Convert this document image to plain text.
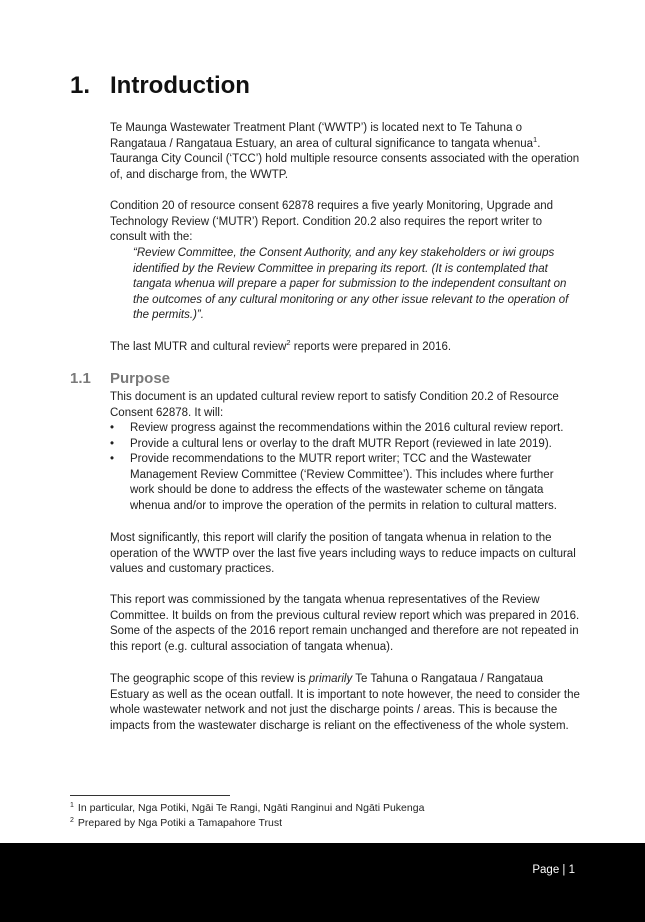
1. Introduction
Te Maunga Wastewater Treatment Plant (‘WWTP’) is located next to Te Tahuna o Rangataua / Rangataua Estuary, an area of cultural significance to tangata whenua$^1$. Tauranga City Council (‘TCC’) hold multiple resource consents associated with the operation of, and discharge from, the WWTP.
Condition 20 of resource consent 62878 requires a five yearly Monitoring, Upgrade and Technology Review (‘MUTR’) Report. Condition 20.2 also requires the report writer to consult with the:
“Review Committee, the Consent Authority, and any key stakeholders or iwi groups identified by the Review Committee in preparing its report. (It is contemplated that tangata whenua will prepare a paper for submission to the independent consultant on the outcomes of any cultural monitoring or any other issue relevant to the operation of the permits.)”.
The last MUTR and cultural review$^2$ reports were prepared in 2016.
1.1 Purpose
This document is an updated cultural review report to satisfy Condition 20.2 of Resource Consent 62878. It will:
• Review progress against the recommendations within the 2016 cultural review report.
• Provide a cultural lens or overlay to the draft MUTR Report (reviewed in late 2019).
• Provide recommendations to the MUTR report writer; TCC and the Wastewater Management Review Committee (‘Review Committee’). This includes where further work should be done to address the effects of the wastewater scheme on tāngata whenua and/or to improve the operation of the permits in relation to cultural matters.
Most significantly, this report will clarify the position of tangata whenua in relation to the operation of the WWTP over the last five years including ways to reduce impacts on cultural values and customary practices.
This report was commissioned by the tangata whenua representatives of the Review Committee. It builds on from the previous cultural review report which was prepared in 2016. Some of the aspects of the 2016 report remain unchanged and therefore are not repeated in this report (e.g. cultural association of tangata whenua).
The geographic scope of this review is primarily Te Tahuna o Rangataua / Rangataua Estuary as well as the ocean outfall. It is important to note however, the need to consider the whole wastewater network and not just the discharge points / areas. This is because the impacts from the wastewater discharge is reliant on the effectiveness of the whole system.
$^1$ In particular, Nga Potiki, Ngāi Te Rangi, Ngāti Ranginui and Ngāti Pukenga
$^2$ Prepared by Nga Potiki a Tamapahore Trust
Page | 1
